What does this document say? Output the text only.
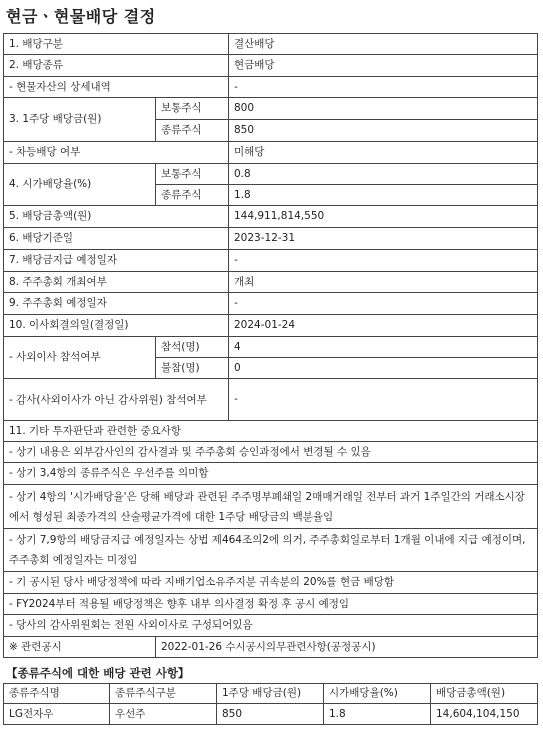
현금ㆍ현물배당 결정
1. 배당구분		결산배당
2. 배당종류		현금배당
- 현물자산의 상세내역		-
3. 1주당 배당금(원)	보통주식	800
	종류주식	850
- 차등배당 여부		미해당
4. 시가배당율(%)	보통주식	0.8
	종류주식	1.8
5. 배당금총액(원)		144,911,814,550
6. 배당기준일		2023-12-31
7. 배당금지급 예정일자		-
8. 주주총회 개최여부		개최
9. 주주총회 예정일자		-
10. 이사회결의일(결정일)		2024-01-24
- 사외이사 참석여부	참석(명)	4
	불참(명)	0
- 감사(사외이사가 아닌 감사위원) 참석여부		-
11. 기타 투자판단과 관련한 중요사항		
- 상기 내용은 외부감사인의 감사결과 및 주주총회 승인과정에서 변경될 수 있음		
- 상기 3,4항의 종류주식은 우선주를 의미함		
- 상기 4항의 '시가배당율'은 당해 배당과 관련된 주주명부폐쇄일 2매매거래일 전부터 과거 1주일간의 거래소시장에서 형성된 최종가격의 산술평균가격에 대한 1주당 배당금의 백분율임		
- 상기 7,9항의 배당금지급 예정일자는 상법 제464조의2에 의거, 주주총회일로부터 1개월 이내에 지급 예정이며, 주주총회 예정일자는 미정임		
- 기 공시된 당사 배당정책에 따라 지배기업소유주지분 귀속분의 20%를 현금 배당함		
- FY2024부터 적용될 배당정책은 향후 내부 의사결정 확정 후 공시 예정임		
- 당사의 감사위원회는 전원 사외이사로 구성되어있음		
※ 관련공시	2022-01-26 수시공시의무관련사항(공정공시)	
【종류주식에 대한 배당 관련 사항】
종류주식명	종류주식구분	1주당 배당금(원)	시가배당율(%)	배당금총액(원)
LG전자우	우선주	850	1.8	14,604,104,150
